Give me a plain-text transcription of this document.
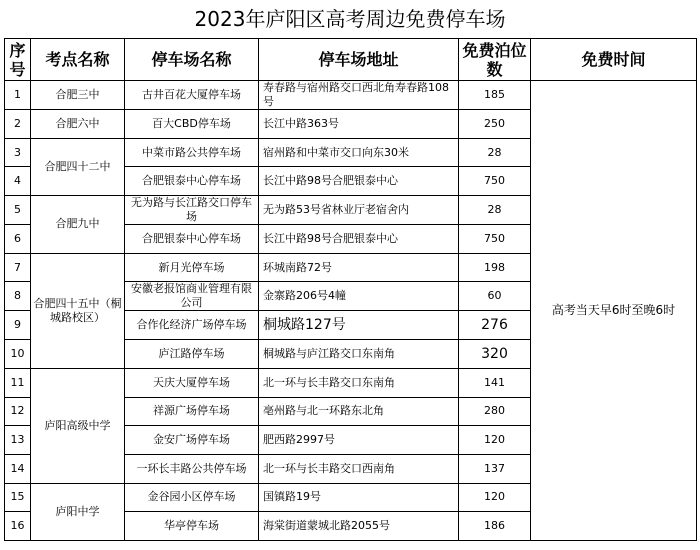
2023年庐阳区高考周边免费停车场
序号	考点名称	停车场名称	停车场地址	免费泊位数	免费时间
1	合肥三中	古井百花大厦停车场	寿春路与宿州路交口西北角寿春路108号	185	高考当天早6时至晚6时
2	合肥六中	百大CBD停车场	长江中路363号	250	
3	合肥四十二中	中菜市路公共停车场	宿州路和中菜市交口向东30米	28	
4		合肥银泰中心停车场	长江中路98号合肥银泰中心	750	
5	合肥九中	无为路与长江路交口停车场	无为路53号省林业厅老宿舍内	28	
6		合肥银泰中心停车场	长江中路98号合肥银泰中心	750	
7	合肥四十五中（桐城路校区）	新月光停车场	环城南路72号	198	
8		安徽老报馆商业管理有限公司	金寨路206号4幢	60	
9		合作化经济广场停车场	桐城路127号	276	
10		庐江路停车场	桐城路与庐江路交口东南角	320	
11	庐阳高级中学	天庆大厦停车场	北一环与长丰路交口东南角	141	
12		祥源广场停车场	亳州路与北一环路东北角	280	
13		金安广场停车场	肥西路2997号	120	
14		一环长丰路公共停车场	北一环与长丰路交口西南角	137	
15	庐阳中学	金谷园小区停车场	国镇路19号	120	
16		华亭停车场	海棠街道蒙城北路2055号	186	
